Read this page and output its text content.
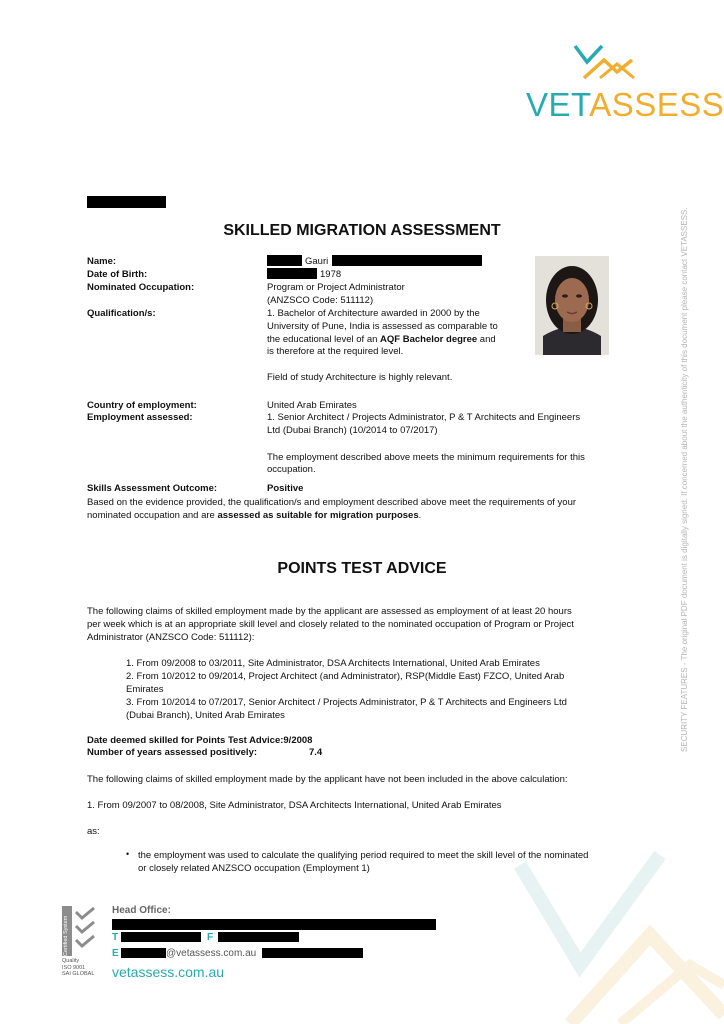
VETASSESS
SECURITY FEATURES - The original PDF document is digitally signed. If concerned about the authenticity of this document please contact VETASSESS.
SKILLED MIGRATION ASSESSMENT
Name:	Gauri
Date of Birth:	1978
Nominated Occupation:	Program or Project Administrator
(ANZSCO Code: 511112)
Qualification/s:	1. Bachelor of Architecture awarded in 2000 by the
University of Pune, India is assessed as comparable to
the educational level of an AQF Bachelor degree and
is therefore at the required level.
Field of study Architecture is highly relevant.
Country of employment:	United Arab Emirates
Employment assessed:	1. Senior Architect / Projects Administrator, P & T Architects and Engineers
Ltd (Dubai Branch) (10/2014 to 07/2017)
The employment described above meets the minimum requirements for this
occupation.
Skills Assessment Outcome:	Positive
Based on the evidence provided, the qualification/s and employment described above meet the requirements of your
nominated occupation and are assessed as suitable for migration purposes.
POINTS TEST ADVICE
The following claims of skilled employment made by the applicant are assessed as employment of at least 20 hours
per week which is at an appropriate skill level and closely related to the nominated occupation of Program or Project
Administrator (ANZSCO Code: 511112):
1. From 09/2008 to 03/2011, Site Administrator, DSA Architects International, United Arab Emirates
2. From 10/2012 to 09/2014, Project Architect (and Administrator), RSP(Middle East) FZCO, United Arab
Emirates
3. From 10/2014 to 07/2017, Senior Architect / Projects Administrator, P & T Architects and Engineers Ltd
(Dubai Branch), United Arab Emirates
Date deemed skilled for Points Test Advice:9/2008
Number of years assessed positively:	7.4
The following claims of skilled employment made by the applicant have not been included in the above calculation:
1. From 09/2007 to 08/2008, Site Administrator, DSA Architects International, United Arab Emirates
as:
• the employment was used to calculate the qualifying period required to meet the skill level of the nominated
or closely related ANZSCO occupation (Employment 1)
Certified System
Quality
ISO 9001
SAI GLOBAL
Head Office:
T	F
E	@vetassess.com.au
vetassess.com.au
